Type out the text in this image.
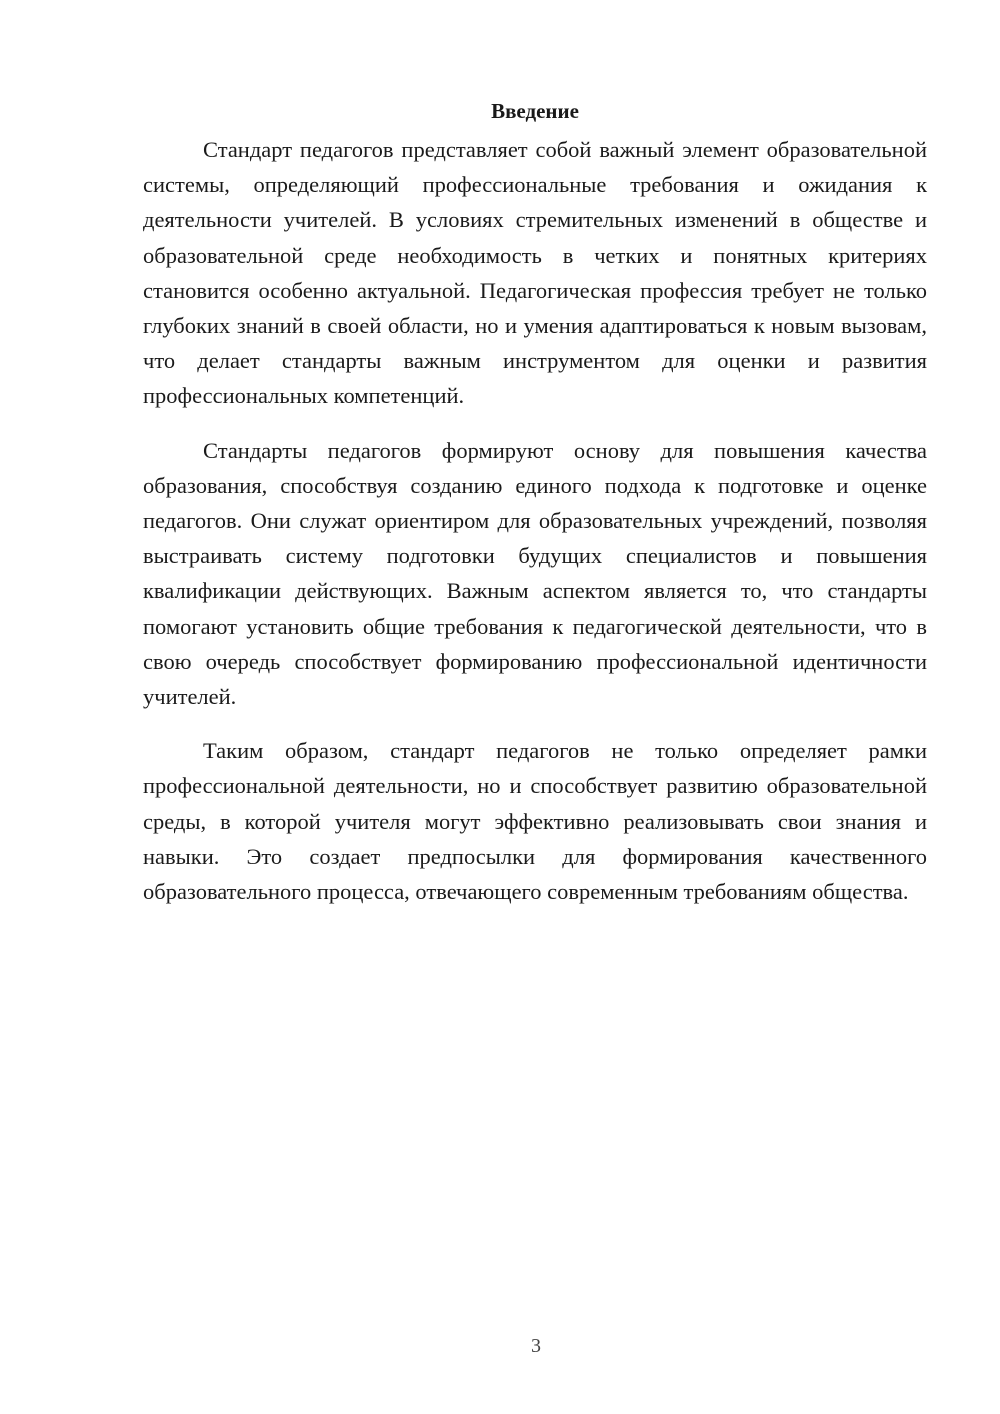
Введение

Стандарт педагогов представляет собой важный элемент образовательной системы, определяющий профессиональные требования и ожидания к деятельности учителей. В условиях стремительных изменений в обществе и образовательной среде необходимость в четких и понятных критериях становится особенно актуальной. Педагогическая профессия требует не только глубоких знаний в своей области, но и умения адаптироваться к новым вызовам, что делает стандарты важным инструментом для оценки и развития профессиональных компетенций.

Стандарты педагогов формируют основу для повышения качества образования, способствуя созданию единого подхода к подготовке и оценке педагогов. Они служат ориентиром для образовательных учреждений, позволяя выстраивать систему подготовки будущих специалистов и повышения квалификации действующих. Важным аспектом является то, что стандарты помогают установить общие требования к педагогической деятельности, что в свою очередь способствует формированию профессиональной идентичности учителей.

Таким образом, стандарт педагогов не только определяет рамки профессиональной деятельности, но и способствует развитию образовательной среды, в которой учителя могут эффективно реализовывать свои знания и навыки. Это создает предпосылки для формирования качественного образовательного процесса, отвечающего современным требованиям общества.

3
